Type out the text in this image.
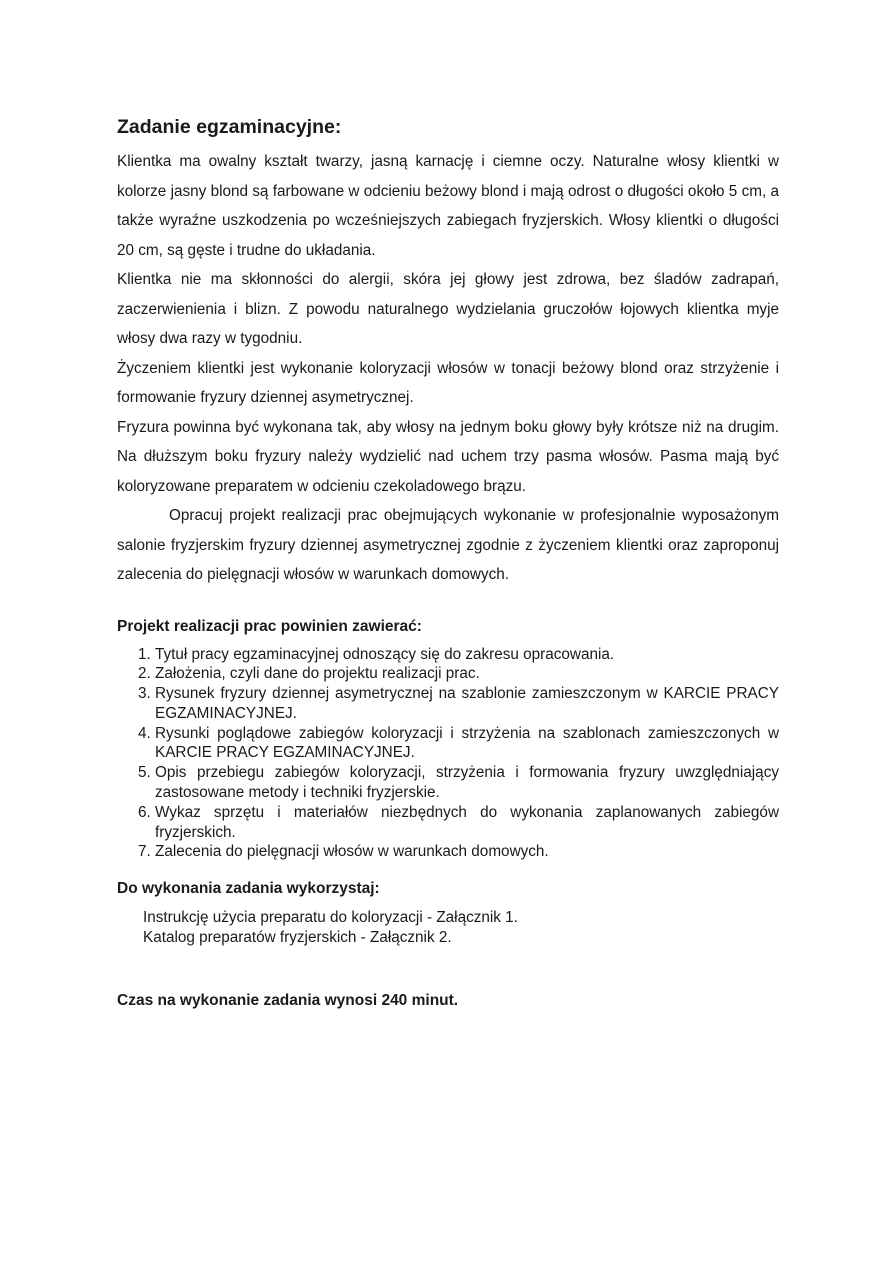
Zadanie egzaminacyjne:

Klientka ma owalny kształt twarzy, jasną karnację i ciemne oczy. Naturalne włosy klientki w kolorze jasny blond są farbowane w odcieniu beżowy blond i mają odrost o długości około 5 cm, a także wyraźne uszkodzenia po wcześniejszych zabiegach fryzjerskich. Włosy klientki o długości 20 cm, są gęste i trudne do układania.

Klientka nie ma skłonności do alergii, skóra jej głowy jest zdrowa, bez śladów zadrapań, zaczerwienienia i blizn. Z powodu naturalnego wydzielania gruczołów łojowych klientka myje włosy dwa razy w tygodniu.

Życzeniem klientki jest wykonanie koloryzacji włosów w tonacji beżowy blond oraz strzyżenie i formowanie fryzury dziennej asymetrycznej.

Fryzura powinna być wykonana tak, aby włosy na jednym boku głowy były krótsze niż na drugim. Na dłuższym boku fryzury należy wydzielić nad uchem trzy pasma włosów. Pasma mają być koloryzowane preparatem w odcieniu czekoladowego brązu.

Opracuj projekt realizacji prac obejmujących wykonanie w profesjonalnie wyposażonym salonie fryzjerskim fryzury dziennej asymetrycznej zgodnie z życzeniem klientki oraz zaproponuj zalecenia do pielęgnacji włosów w warunkach domowych.

Projekt realizacji prac powinien zawierać:
1. Tytuł pracy egzaminacyjnej odnoszący się do zakresu opracowania.
2. Założenia, czyli dane do projektu realizacji prac.
3. Rysunek fryzury dziennej asymetrycznej na szablonie zamieszczonym w KARCIE PRACY EGZAMINACYJNEJ.
4. Rysunki poglądowe zabiegów koloryzacji i strzyżenia na szablonach zamieszczonych w KARCIE PRACY EGZAMINACYJNEJ.
5. Opis przebiegu zabiegów koloryzacji, strzyżenia i formowania fryzury uwzględniający zastosowane metody i techniki fryzjerskie.
6. Wykaz sprzętu i materiałów niezbędnych do wykonania zaplanowanych zabiegów fryzjerskich.
7. Zalecenia do pielęgnacji włosów w warunkach domowych.
Do wykonania zadania wykorzystaj:
Instrukcję użycia preparatu do koloryzacji - Załącznik 1.
Katalog preparatów fryzjerskich - Załącznik 2.
Czas na wykonanie zadania wynosi 240 minut.
